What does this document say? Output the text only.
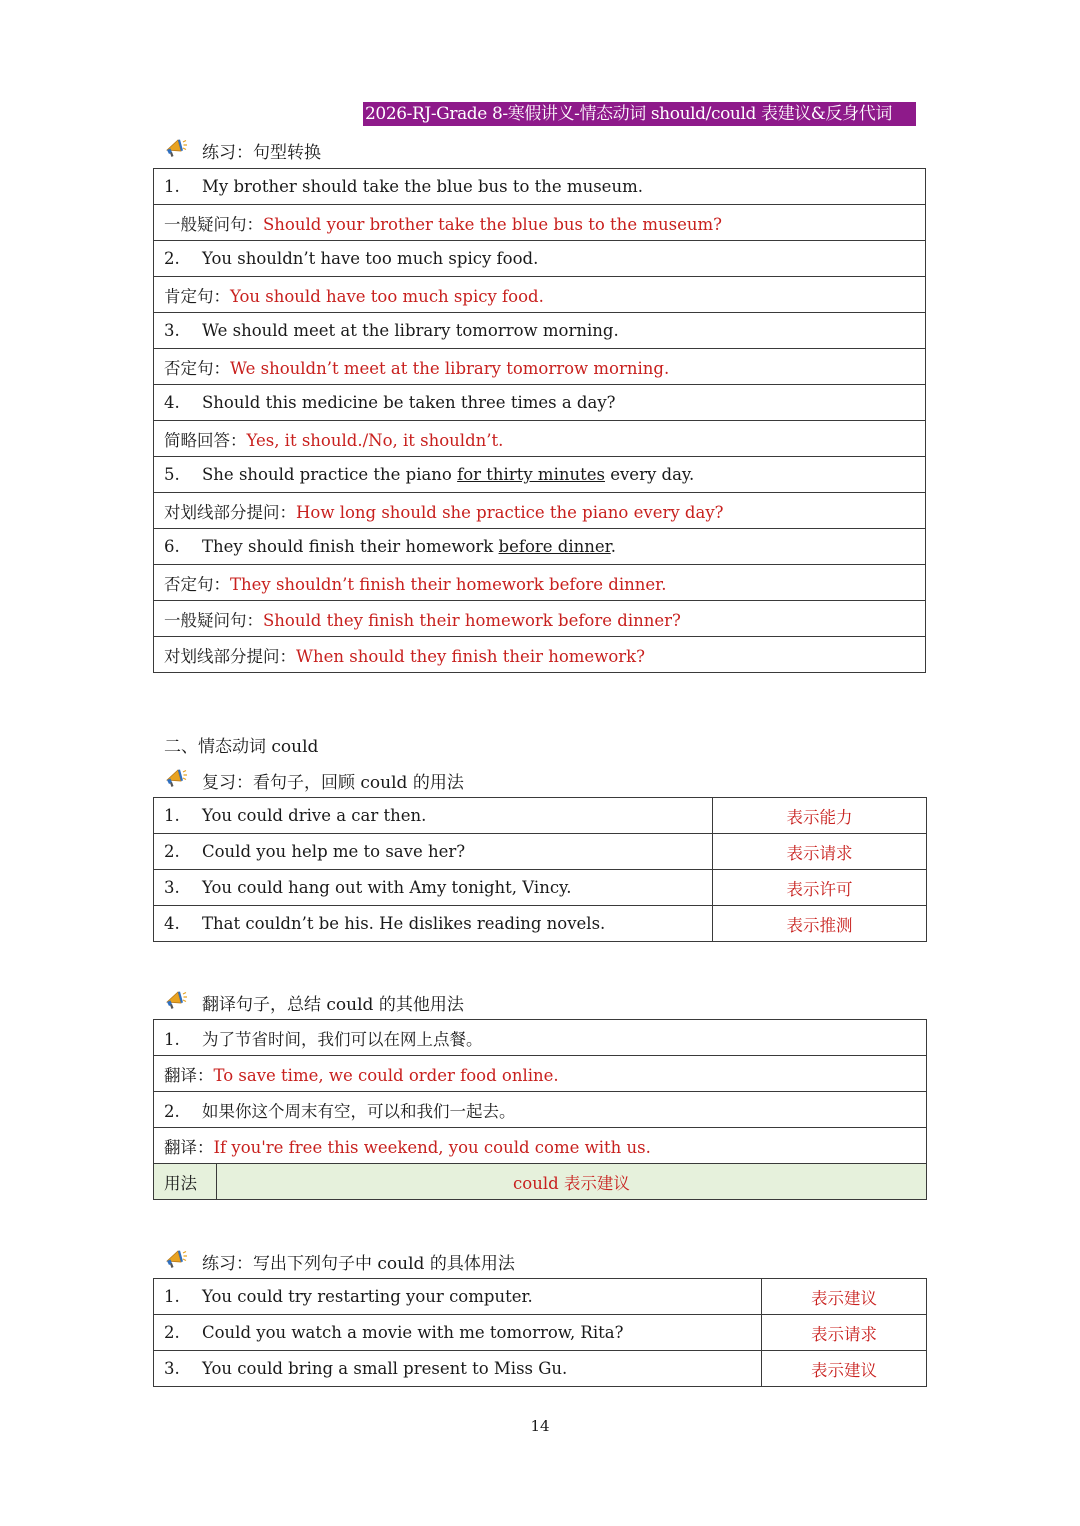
2026-RJ-Grade 8-寒假讲义-情态动词 should/could 表建议&反身代词
练习：句型转换
1. My brother should take the blue bus to the museum.
一般疑问句：Should your brother take the blue bus to the museum?
2. You shouldn’t have too much spicy food.
肯定句：You should have too much spicy food.
3. We should meet at the library tomorrow morning.
否定句：We shouldn’t meet at the library tomorrow morning.
4. Should this medicine be taken three times a day?
简略回答：Yes, it should./No, it shouldn’t.
5. She should practice the piano for thirty minutes every day.
对划线部分提问：How long should she practice the piano every day?
6. They should finish their homework before dinner.
否定句：They shouldn’t finish their homework before dinner.
一般疑问句：Should they finish their homework before dinner?
对划线部分提问：When should they finish their homework?
二、情态动词 could
复习：看句子，回顾 could 的用法
1. You could drive a car then.	表示能力
2. Could you help me to save her?	表示请求
3. You could hang out with Amy tonight, Vincy.	表示许可
4. That couldn’t be his. He dislikes reading novels.	表示推测
翻译句子，总结 could 的其他用法
1. 为了节省时间，我们可以在网上点餐。
翻译：To save time, we could order food online.
2. 如果你这个周末有空，可以和我们一起去。
翻译：If you're free this weekend, you could come with us.
用法	could 表示建议
练习：写出下列句子中 could 的具体用法
1. You could try restarting your computer.	表示建议
2. Could you watch a movie with me tomorrow, Rita?	表示请求
3. You could bring a small present to Miss Gu.	表示建议
14
